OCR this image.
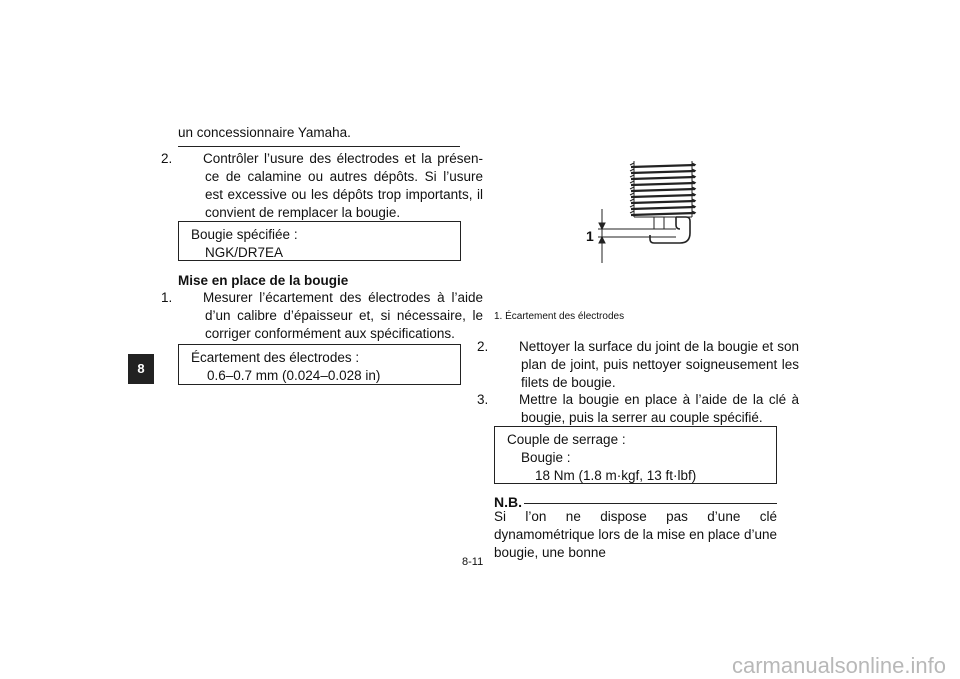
8
un concessionnaire Yamaha.
2. Contrôler l’usure des électrodes et la présen-ce de calamine ou autres dépôts. Si l’usure est excessive ou les dépôts trop importants, il convient de remplacer la bougie.
Bougie spécifiée :
NGK/DR7EA
Mise en place de la bougie
1. Mesurer l’écartement des électrodes à l’aide d’un calibre d’épaisseur et, si nécessaire, le corriger conformément aux spécifications.
Écartement des électrodes :
0.6–0.7 mm (0.024–0.028 in)
1
1. Écartement des électrodes
2. Nettoyer la surface du joint de la bougie et son plan de joint, puis nettoyer soigneusement les filets de bougie.
3. Mettre la bougie en place à l’aide de la clé à bougie, puis la serrer au couple spécifié.
Couple de serrage :
Bougie :
18 Nm (1.8 m·kgf, 13 ft·lbf)
N.B.
Si l’on ne dispose pas d’une clé dynamométrique lors de la mise en place d’une bougie, une bonne
8-11
carmanualsonline.info
